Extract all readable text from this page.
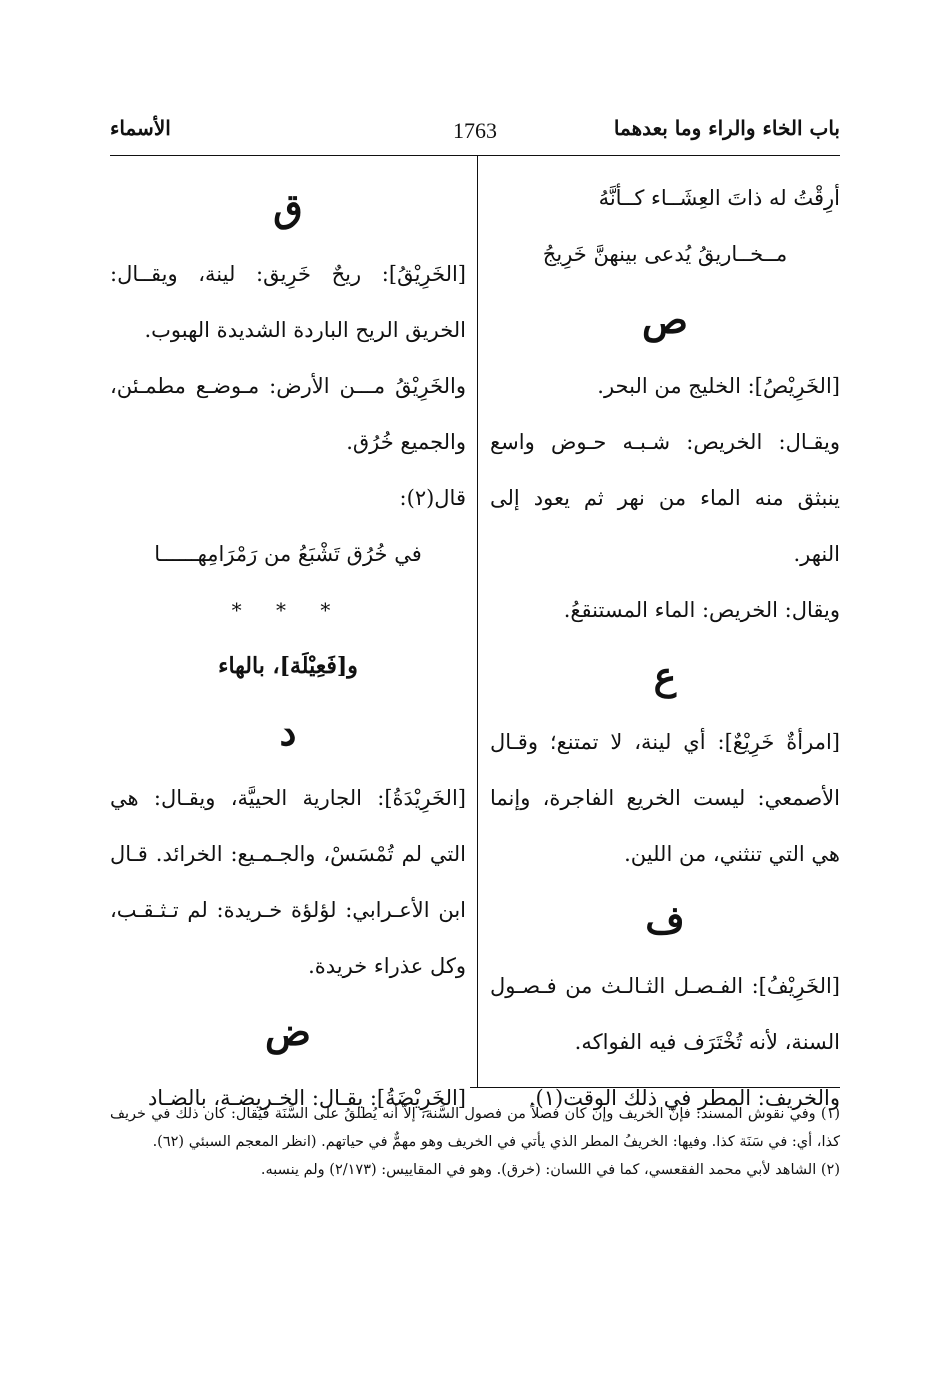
باب الخاء والراء وما بعدهما
1763
الأسماء

أرِقْتُ له ذاتَ العِشَــاء كــأنَّهُ

مــخــاريقُ يُدعى بينهنَّ خَرِيجُ

ص

[الخَرِيْصُ]: الخليج من البحر.

ويقـال: الخريص: شـبـه حـوض واسع ينبثق منه الماء من نهر ثم يعود إلى النهر.

ويقال: الخريص: الماء المستنقعُ.

ع

[امرأةٌ خَرِيْعٌ]: أي لينة، لا تمتنع؛ وقـال الأصمعي: ليست الخريع الفاجرة، وإنما هي التي تنثني، من اللين.

ف

[الخَرِيْفُ]: الفـصـل الثـالـث من فـصـول السنة، لأنه تُخْتَرَف فيه الفواكه.

والخريف: المطر في ذلك الوقت(١).

ق

[الخَرِيْقُ]: ريحٌ خَرِيق: لينة، ويقــال: الخريق الريح الباردة الشديدة الهبوب.

والخَرِيْقُ مـــن الأرض: مـوضـع مطمـئن، والجميع خُرُق.

قال(٢):

في خُرُق تَشْبَعُ من رَمْرَامِهــــــا

* * *
و[فَعِيْلَة]، بالهاء
د

[الخَرِيْدَةُ]: الجارية الحييَّة، ويقـال: هي التي لم تُمْسَسْ، والجـمـيع: الخرائد. قـال ابن الأعـرابي: لؤلؤة خـريدة: لم تـثـقـب، وكل عذراء خريدة.

ض

[الخَرِيْضَةُ]: يقـال: الخـريضـة، بالضـاد

(١) وفي نقوش المسند: فإنّ الخريف وإن كان فصلاً من فصول السَّنة، إلاّ أنه يُطلقُ على السَّنَة فيُقال: كان ذلك في خريف كذا، أي: في سَنَة كذا. وفيها: الخريفُ المطر الذي يأتي في الخريف وهو مهمٌّ في حياتهم. (انظر المعجم السبئي (٦٢).

(٢) الشاهد لأبي محمد الفقعسي، كما في اللسان: (خرق). وهو في المقاييس: (٢/١٧٣) ولم ينسبه.
